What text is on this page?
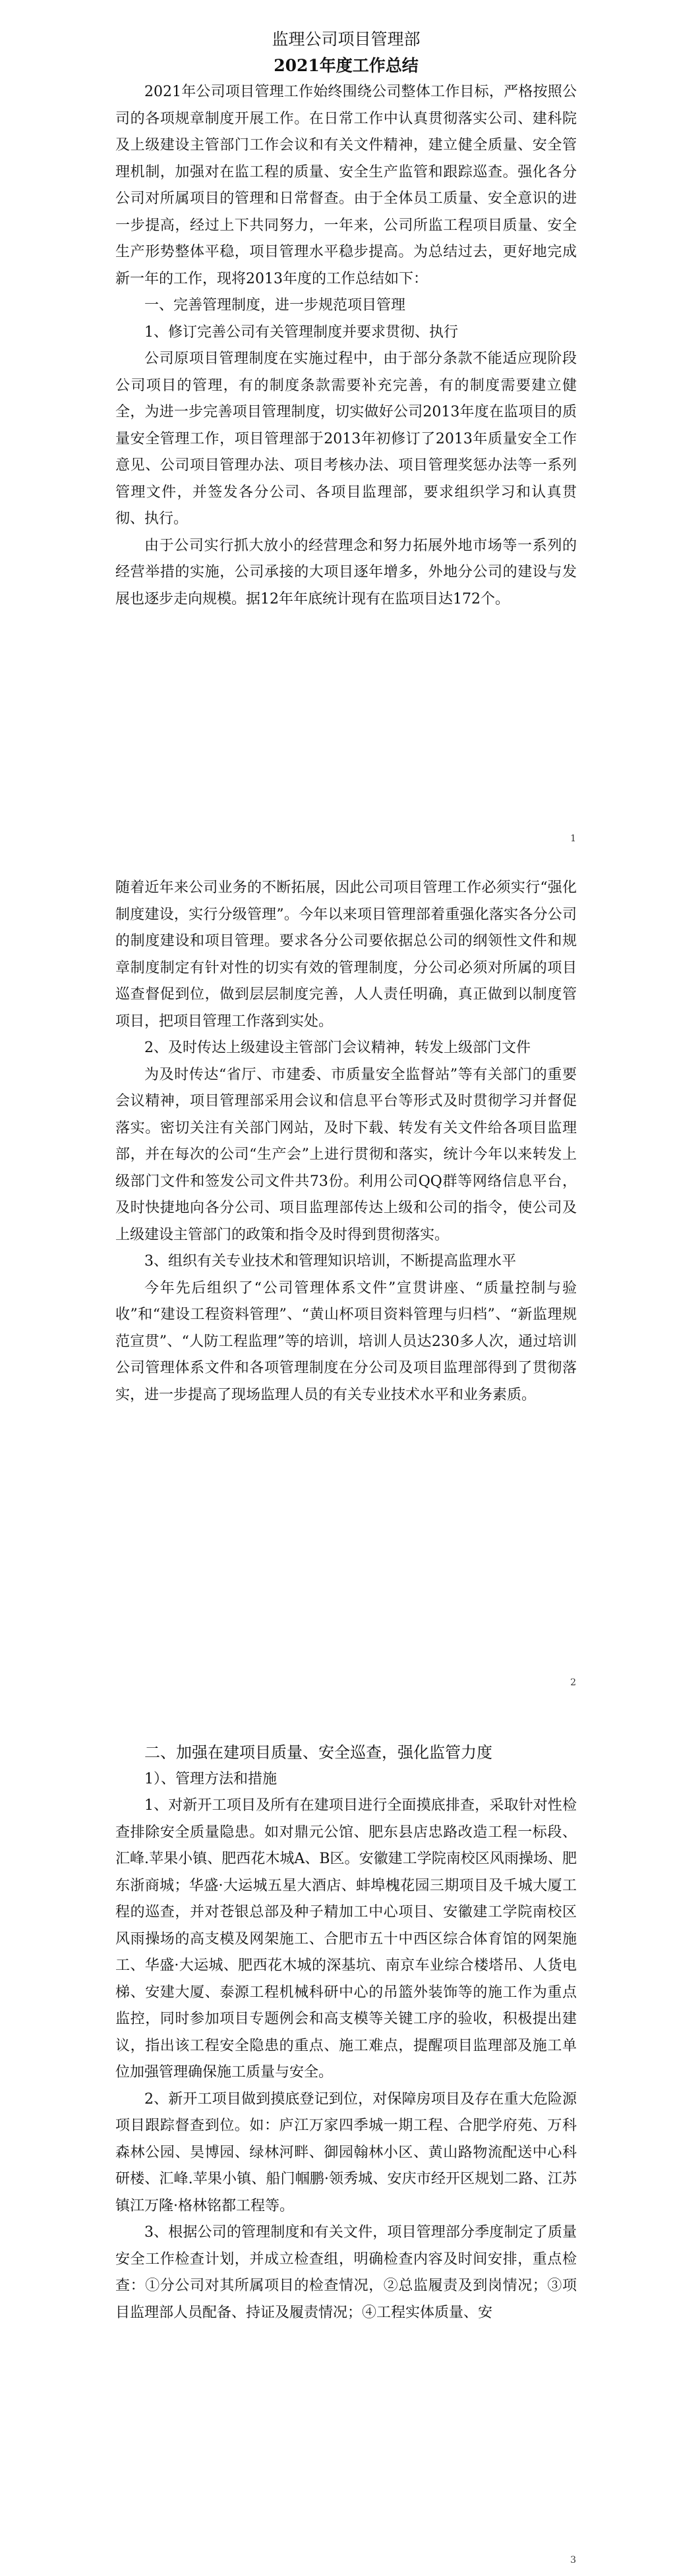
监理公司项目管理部
2021年度工作总结

2021年公司项目管理工作始终围绕公司整体工作目标，严格按照公司的各项规章制度开展工作。在日常工作中认真贯彻落实公司、建科院及上级建设主管部门工作会议和有关文件精神，建立健全质量、安全管理机制，加强对在监工程的质量、安全生产监管和跟踪巡查。强化各分公司对所属项目的管理和日常督查。由于全体员工质量、安全意识的进一步提高，经过上下共同努力，一年来，公司所监工程项目质量、安全生产形势整体平稳，项目管理水平稳步提高。为总结过去，更好地完成新一年的工作，现将2013年度的工作总结如下：

一、完善管理制度，进一步规范项目管理

1、修订完善公司有关管理制度并要求贯彻、执行

公司原项目管理制度在实施过程中，由于部分条款不能适应现阶段公司项目的管理，有的制度条款需要补充完善，有的制度需要建立健全，为进一步完善项目管理制度，切实做好公司2013年度在监项目的质量安全管理工作，项目管理部于2013年初修订了2013年质量安全工作意见、公司项目管理办法、项目考核办法、项目管理奖惩办法等一系列管理文件，并签发各分公司、各项目监理部，要求组织学习和认真贯彻、执行。

由于公司实行抓大放小的经营理念和努力拓展外地市场等一系列的经营举措的实施，公司承接的大项目逐年增多，外地分公司的建设与发展也逐步走向规模。据12年年底统计现有在监项目达172个。

1

随着近年来公司业务的不断拓展，因此公司项目管理工作必须实行“强化制度建设，实行分级管理”。今年以来项目管理部着重强化落实各分公司的制度建设和项目管理。要求各分公司要依据总公司的纲领性文件和规章制度制定有针对性的切实有效的管理制度，分公司必须对所属的项目巡查督促到位，做到层层制度完善，人人责任明确，真正做到以制度管项目，把项目管理工作落到实处。

2、及时传达上级建设主管部门会议精神，转发上级部门文件

为及时传达“省厅、市建委、市质量安全监督站”等有关部门的重要会议精神，项目管理部采用会议和信息平台等形式及时贯彻学习并督促落实。密切关注有关部门网站，及时下载、转发有关文件给各项目监理部，并在每次的公司“生产会”上进行贯彻和落实，统计今年以来转发上级部门文件和签发公司文件共73份。利用公司QQ群等网络信息平台，及时快捷地向各分公司、项目监理部传达上级和公司的指令，使公司及上级建设主管部门的政策和指令及时得到贯彻落实。

3、组织有关专业技术和管理知识培训，不断提高监理水平

今年先后组织了“公司管理体系文件”宣贯讲座、“质量控制与验收”和“建设工程资料管理”、“黄山杯项目资料管理与归档”、“新监理规范宣贯”、“人防工程监理”等的培训，培训人员达230多人次，通过培训公司管理体系文件和各项管理制度在分公司及项目监理部得到了贯彻落实，进一步提高了现场监理人员的有关专业技术水平和业务素质。

2

二、加强在建项目质量、安全巡查，强化监管力度

1）、管理方法和措施

1、对新开工项目及所有在建项目进行全面摸底排查，采取针对性检查排除安全质量隐患。如对鼎元公馆、肥东县店忠路改造工程一标段、汇峰.苹果小镇、肥西花木城A、B区。安徽建工学院南校区风雨操场、肥东浙商城；华盛·大运城五星大酒店、蚌埠槐花园三期项目及千城大厦工程的巡查，并对苍银总部及种子精加工中心项目、安徽建工学院南校区风雨操场的高支模及网架施工、合肥市五十中西区综合体育馆的网架施工、华盛·大运城、肥西花木城的深基坑、南京车业综合楼塔吊、人货电梯、安建大厦、泰源工程机械科研中心的吊篮外装饰等的施工作为重点监控，同时参加项目专题例会和高支模等关键工序的验收，积极提出建议，指出该工程安全隐患的重点、施工难点，提醒项目监理部及施工单位加强管理确保施工质量与安全。

2、新开工项目做到摸底登记到位，对保障房项目及存在重大危险源项目跟踪督查到位。如：庐江万家四季城一期工程、合肥学府苑、万科森林公园、昊博园、绿林河畔、御园翰林小区、黄山路物流配送中心科研楼、汇峰.苹果小镇、船门帼鹏·领秀城、安庆市经开区规划二路、江苏镇江万隆·格林铭都工程等。

3、根据公司的管理制度和有关文件，项目管理部分季度制定了质量安全工作检查计划，并成立检查组，明确检查内容及时间安排，重点检查：①分公司对其所属项目的检查情况，②总监履责及到岗情况；③项目监理部人员配备、持证及履责情况；④工程实体质量、安

3
